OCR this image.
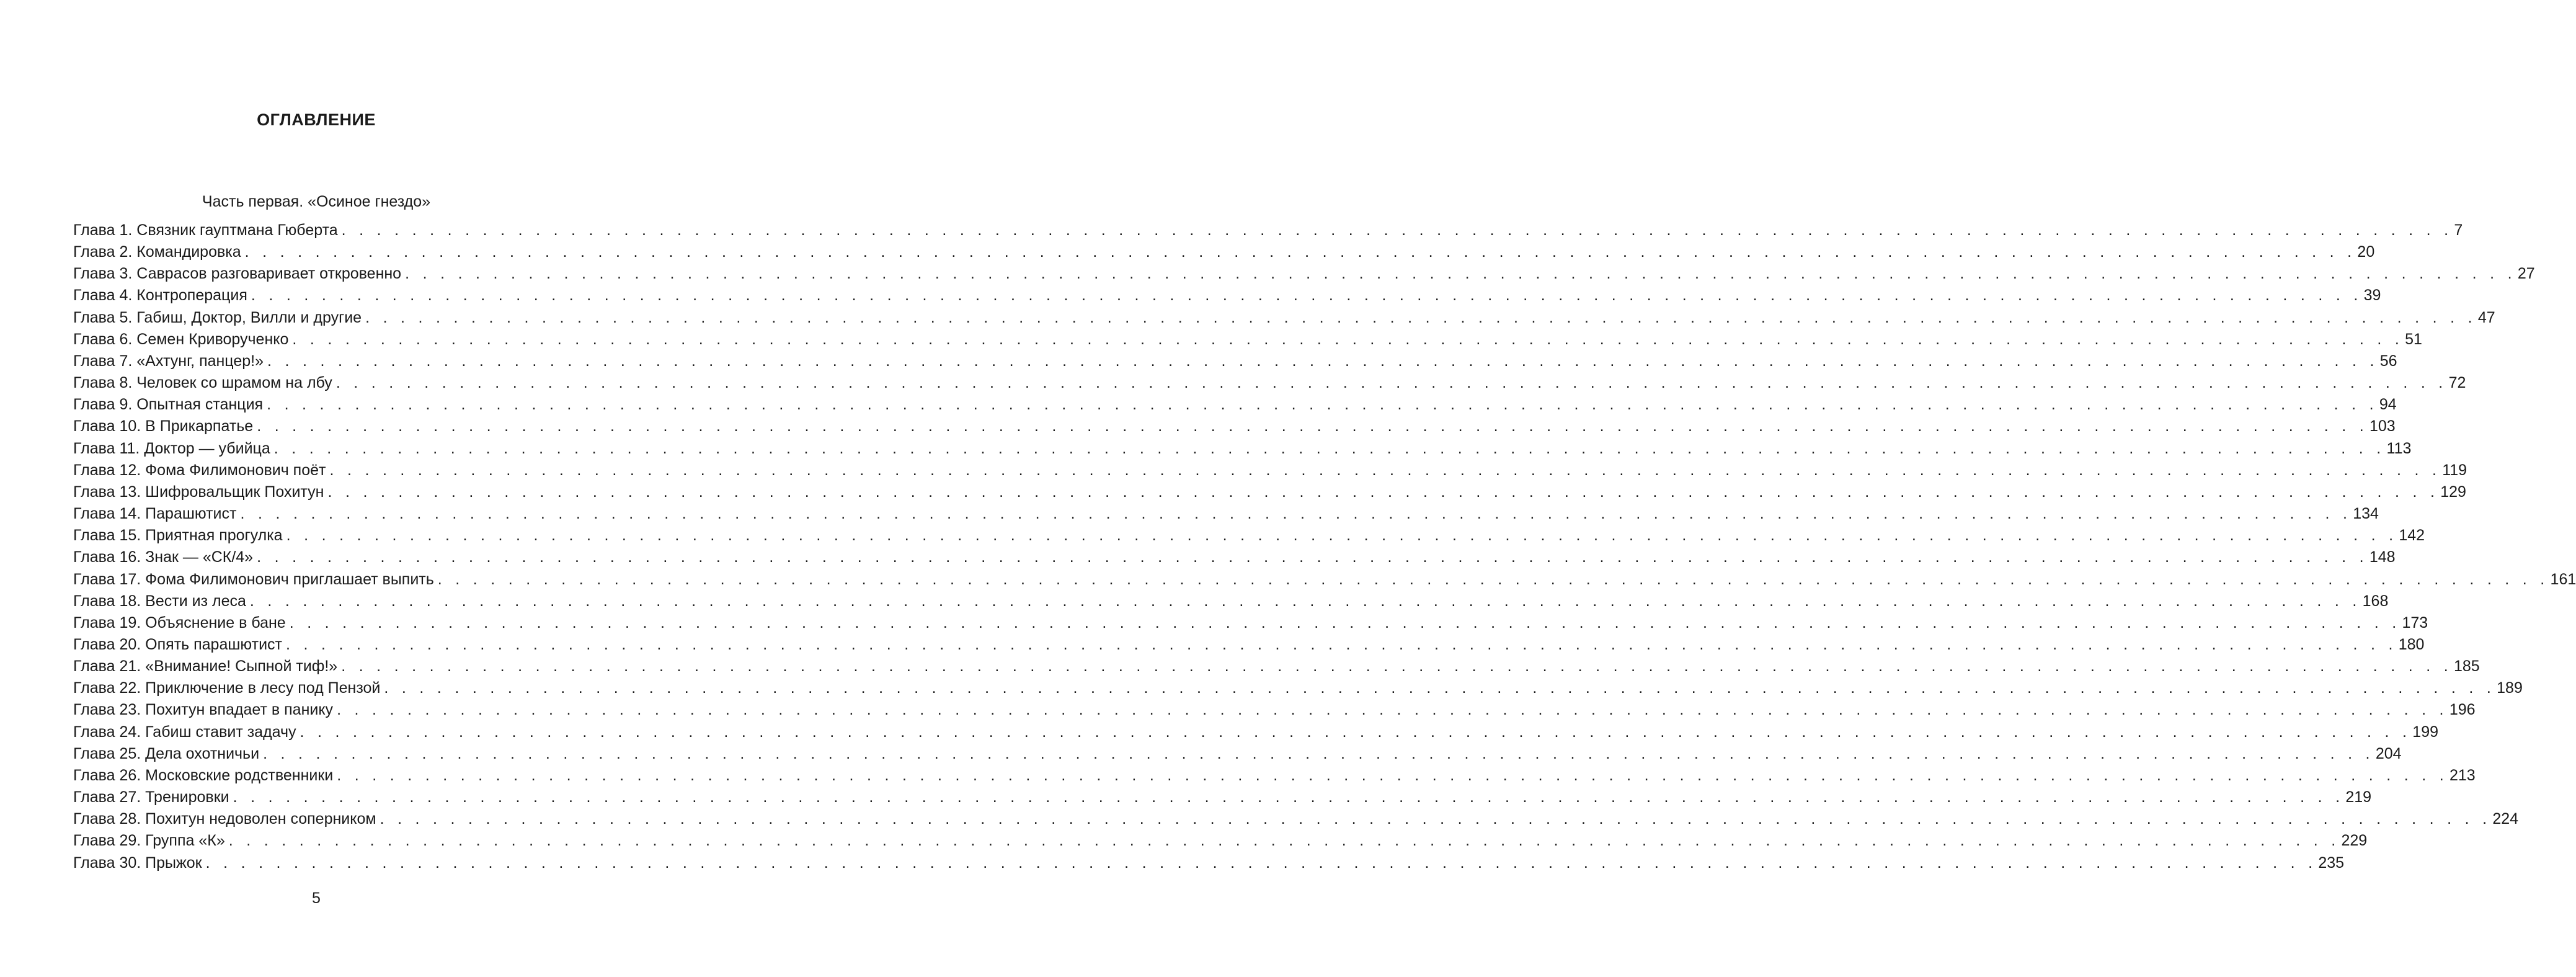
ОГЛАВЛЕНИЕ
Часть первая. «Осиное гнездо»
Глава 1. Связник гауптмана Гюберта . . . . . . . . . . . . . . . . . . . . . . . . . . . . . . . . . . . . . . . . . . . . . . . . . . . . . . . . . . . . . . . . . . . . . . . . . . . . . . . . . . . . . . . . . . . . . . . . . . . . . . . . . . . . . . . . . . . . . . . . 7
Глава 2. Командировка . . . . . . . . . . . . . . . . . . . . . . . . . . . . . . . . . . . . . . . . . . . . . . . . . . . . . . . . . . . . . . . . . . . . . . . . . . . . . . . . . . . . . . . . . . . . . . . . . . . . . . . . . . . . . . . . . . . . . . . . 20
Глава 3. Саврасов разговаривает откровенно . . . . . . . . . . . . . . . . . . . . . . . . . . . . . . . . . . . . . . . . . . . . . . . . . . . . . . . . . . . . . . . . . . . . . . . . . . . . . . . . . . . . . . . . . . . . . . . . . . . . . . . . . . . . . . . . . . . . . . . . 27
Глава 4. Контроперация . . . . . . . . . . . . . . . . . . . . . . . . . . . . . . . . . . . . . . . . . . . . . . . . . . . . . . . . . . . . . . . . . . . . . . . . . . . . . . . . . . . . . . . . . . . . . . . . . . . . . . . . . . . . . . . . . . . . . . . . 39
Глава 5. Габиш, Доктор, Вилли и другие . . . . . . . . . . . . . . . . . . . . . . . . . . . . . . . . . . . . . . . . . . . . . . . . . . . . . . . . . . . . . . . . . . . . . . . . . . . . . . . . . . . . . . . . . . . . . . . . . . . . . . . . . . . . . . . . . . . . . . . . 47
Глава 6. Семен Криворученко . . . . . . . . . . . . . . . . . . . . . . . . . . . . . . . . . . . . . . . . . . . . . . . . . . . . . . . . . . . . . . . . . . . . . . . . . . . . . . . . . . . . . . . . . . . . . . . . . . . . . . . . . . . . . . . . . . . . . . . . 51
Глава 7. «Ахтунг, панцер!» . . . . . . . . . . . . . . . . . . . . . . . . . . . . . . . . . . . . . . . . . . . . . . . . . . . . . . . . . . . . . . . . . . . . . . . . . . . . . . . . . . . . . . . . . . . . . . . . . . . . . . . . . . . . . . . . . . . . . . . . 56
Глава 8. Человек со шрамом на лбу . . . . . . . . . . . . . . . . . . . . . . . . . . . . . . . . . . . . . . . . . . . . . . . . . . . . . . . . . . . . . . . . . . . . . . . . . . . . . . . . . . . . . . . . . . . . . . . . . . . . . . . . . . . . . . . . . . . . . . . . 72
Глава 9. Опытная станция . . . . . . . . . . . . . . . . . . . . . . . . . . . . . . . . . . . . . . . . . . . . . . . . . . . . . . . . . . . . . . . . . . . . . . . . . . . . . . . . . . . . . . . . . . . . . . . . . . . . . . . . . . . . . . . . . . . . . . . . 94
Глава 10. В Прикарпатье . . . . . . . . . . . . . . . . . . . . . . . . . . . . . . . . . . . . . . . . . . . . . . . . . . . . . . . . . . . . . . . . . . . . . . . . . . . . . . . . . . . . . . . . . . . . . . . . . . . . . . . . . . . . . . . . . . . . . . . . 103
Глава 11. Доктор — убийца . . . . . . . . . . . . . . . . . . . . . . . . . . . . . . . . . . . . . . . . . . . . . . . . . . . . . . . . . . . . . . . . . . . . . . . . . . . . . . . . . . . . . . . . . . . . . . . . . . . . . . . . . . . . . . . . . . . . . . . . 113
Глава 12. Фома Филимонович поёт . . . . . . . . . . . . . . . . . . . . . . . . . . . . . . . . . . . . . . . . . . . . . . . . . . . . . . . . . . . . . . . . . . . . . . . . . . . . . . . . . . . . . . . . . . . . . . . . . . . . . . . . . . . . . . . . . . . . . . . . 119
Глава 13. Шифровальщик Похитун . . . . . . . . . . . . . . . . . . . . . . . . . . . . . . . . . . . . . . . . . . . . . . . . . . . . . . . . . . . . . . . . . . . . . . . . . . . . . . . . . . . . . . . . . . . . . . . . . . . . . . . . . . . . . . . . . . . . . . . . 129
Глава 14. Парашютист . . . . . . . . . . . . . . . . . . . . . . . . . . . . . . . . . . . . . . . . . . . . . . . . . . . . . . . . . . . . . . . . . . . . . . . . . . . . . . . . . . . . . . . . . . . . . . . . . . . . . . . . . . . . . . . . . . . . . . . . 134
Глава 15. Приятная прогулка . . . . . . . . . . . . . . . . . . . . . . . . . . . . . . . . . . . . . . . . . . . . . . . . . . . . . . . . . . . . . . . . . . . . . . . . . . . . . . . . . . . . . . . . . . . . . . . . . . . . . . . . . . . . . . . . . . . . . . . . 142
Глава 16. Знак — «СК/4» . . . . . . . . . . . . . . . . . . . . . . . . . . . . . . . . . . . . . . . . . . . . . . . . . . . . . . . . . . . . . . . . . . . . . . . . . . . . . . . . . . . . . . . . . . . . . . . . . . . . . . . . . . . . . . . . . . . . . . . . 148
Глава 17. Фома Филимонович приглашает выпить . . . . . . . . . . . . . . . . . . . . . . . . . . . . . . . . . . . . . . . . . . . . . . . . . . . . . . . . . . . . . . . . . . . . . . . . . . . . . . . . . . . . . . . . . . . . . . . . . . . . . . . . . . . . . . . . . . . . . . . . 161
Глава 18. Вести из леса . . . . . . . . . . . . . . . . . . . . . . . . . . . . . . . . . . . . . . . . . . . . . . . . . . . . . . . . . . . . . . . . . . . . . . . . . . . . . . . . . . . . . . . . . . . . . . . . . . . . . . . . . . . . . . . . . . . . . . . . 168
Глава 19. Объяснение в бане . . . . . . . . . . . . . . . . . . . . . . . . . . . . . . . . . . . . . . . . . . . . . . . . . . . . . . . . . . . . . . . . . . . . . . . . . . . . . . . . . . . . . . . . . . . . . . . . . . . . . . . . . . . . . . . . . . . . . . . . 173
Глава 20. Опять парашютист . . . . . . . . . . . . . . . . . . . . . . . . . . . . . . . . . . . . . . . . . . . . . . . . . . . . . . . . . . . . . . . . . . . . . . . . . . . . . . . . . . . . . . . . . . . . . . . . . . . . . . . . . . . . . . . . . . . . . . . . 180
Глава 21. «Внимание! Сыпной тиф!» . . . . . . . . . . . . . . . . . . . . . . . . . . . . . . . . . . . . . . . . . . . . . . . . . . . . . . . . . . . . . . . . . . . . . . . . . . . . . . . . . . . . . . . . . . . . . . . . . . . . . . . . . . . . . . . . . . . . . . . . 185
Глава 22. Приключение в лесу под Пензой . . . . . . . . . . . . . . . . . . . . . . . . . . . . . . . . . . . . . . . . . . . . . . . . . . . . . . . . . . . . . . . . . . . . . . . . . . . . . . . . . . . . . . . . . . . . . . . . . . . . . . . . . . . . . . . . . . . . . . . . 189
Глава 23. Похитун впадает в панику . . . . . . . . . . . . . . . . . . . . . . . . . . . . . . . . . . . . . . . . . . . . . . . . . . . . . . . . . . . . . . . . . . . . . . . . . . . . . . . . . . . . . . . . . . . . . . . . . . . . . . . . . . . . . . . . . . . . . . . . 196
Глава 24. Габиш ставит задачу . . . . . . . . . . . . . . . . . . . . . . . . . . . . . . . . . . . . . . . . . . . . . . . . . . . . . . . . . . . . . . . . . . . . . . . . . . . . . . . . . . . . . . . . . . . . . . . . . . . . . . . . . . . . . . . . . . . . . . . . 199
Глава 25. Дела охотничьи . . . . . . . . . . . . . . . . . . . . . . . . . . . . . . . . . . . . . . . . . . . . . . . . . . . . . . . . . . . . . . . . . . . . . . . . . . . . . . . . . . . . . . . . . . . . . . . . . . . . . . . . . . . . . . . . . . . . . . . . 204
Глава 26. Московские родственники . . . . . . . . . . . . . . . . . . . . . . . . . . . . . . . . . . . . . . . . . . . . . . . . . . . . . . . . . . . . . . . . . . . . . . . . . . . . . . . . . . . . . . . . . . . . . . . . . . . . . . . . . . . . . . . . . . . . . . . . 213
Глава 27. Тренировки . . . . . . . . . . . . . . . . . . . . . . . . . . . . . . . . . . . . . . . . . . . . . . . . . . . . . . . . . . . . . . . . . . . . . . . . . . . . . . . . . . . . . . . . . . . . . . . . . . . . . . . . . . . . . . . . . . . . . . . . 219
Глава 28. Похитун недоволен соперником . . . . . . . . . . . . . . . . . . . . . . . . . . . . . . . . . . . . . . . . . . . . . . . . . . . . . . . . . . . . . . . . . . . . . . . . . . . . . . . . . . . . . . . . . . . . . . . . . . . . . . . . . . . . . . . . . . . . . . . . 224
Глава 29. Группа «К» . . . . . . . . . . . . . . . . . . . . . . . . . . . . . . . . . . . . . . . . . . . . . . . . . . . . . . . . . . . . . . . . . . . . . . . . . . . . . . . . . . . . . . . . . . . . . . . . . . . . . . . . . . . . . . . . . . . . . . . . 229
Глава 30. Прыжок . . . . . . . . . . . . . . . . . . . . . . . . . . . . . . . . . . . . . . . . . . . . . . . . . . . . . . . . . . . . . . . . . . . . . . . . . . . . . . . . . . . . . . . . . . . . . . . . . . . . . . . . . . . . . . . . . . . . . . . . 235
5
